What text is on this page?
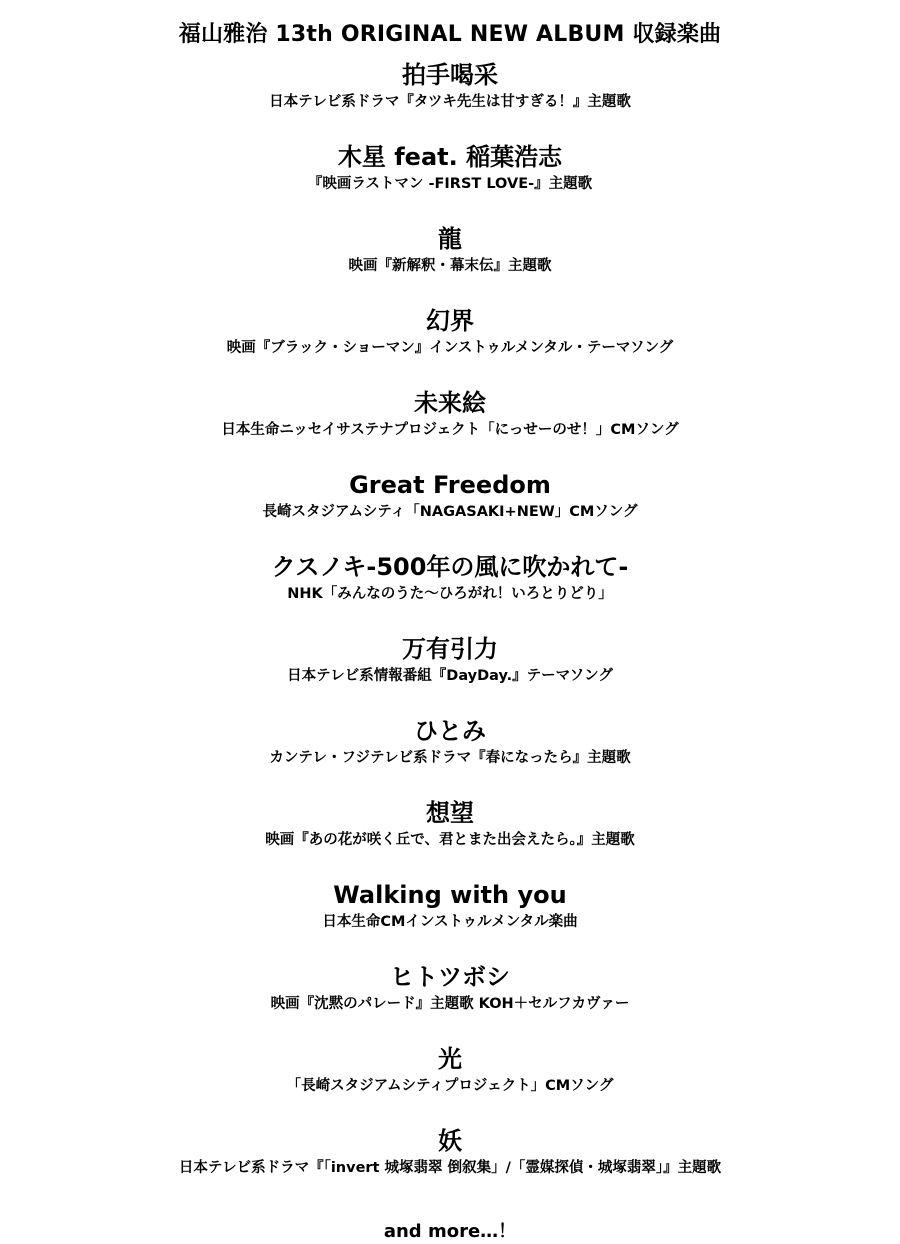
福山雅治 13th ORIGINAL NEW ALBUM 収録楽曲
拍手喝采
日本テレビ系ドラマ『タツキ先生は甘すぎる！』主題歌
木星 feat. 稲葉浩志
『映画ラストマン -FIRST LOVE-』主題歌
龍
映画『新解釈・幕末伝』主題歌
幻界
映画『ブラック・ショーマン』インストゥルメンタル・テーマソング
未来絵
日本生命ニッセイサステナプロジェクト「にっせーのせ！」CMソング
Great Freedom
長崎スタジアムシティ「NAGASAKI+NEW」CMソング
クスノキ-500年の風に吹かれて-
NHK「みんなのうた〜ひろがれ！いろとりどり」
万有引力
日本テレビ系情報番組『DayDay.』テーマソング
ひとみ
カンテレ・フジテレビ系ドラマ『春になったら』主題歌
想望
映画『あの花が咲く丘で、君とまた出会えたら。』主題歌
Walking with you
日本生命CMインストゥルメンタル楽曲
ヒトツボシ
映画『沈黙のパレード』主題歌 KOH＋セルフカヴァー
光
「長崎スタジアムシティプロジェクト」CMソング
妖
日本テレビ系ドラマ『「invert 城塚翡翠 倒叙集」/「霊媒探偵・城塚翡翠」』主題歌
and more…！
